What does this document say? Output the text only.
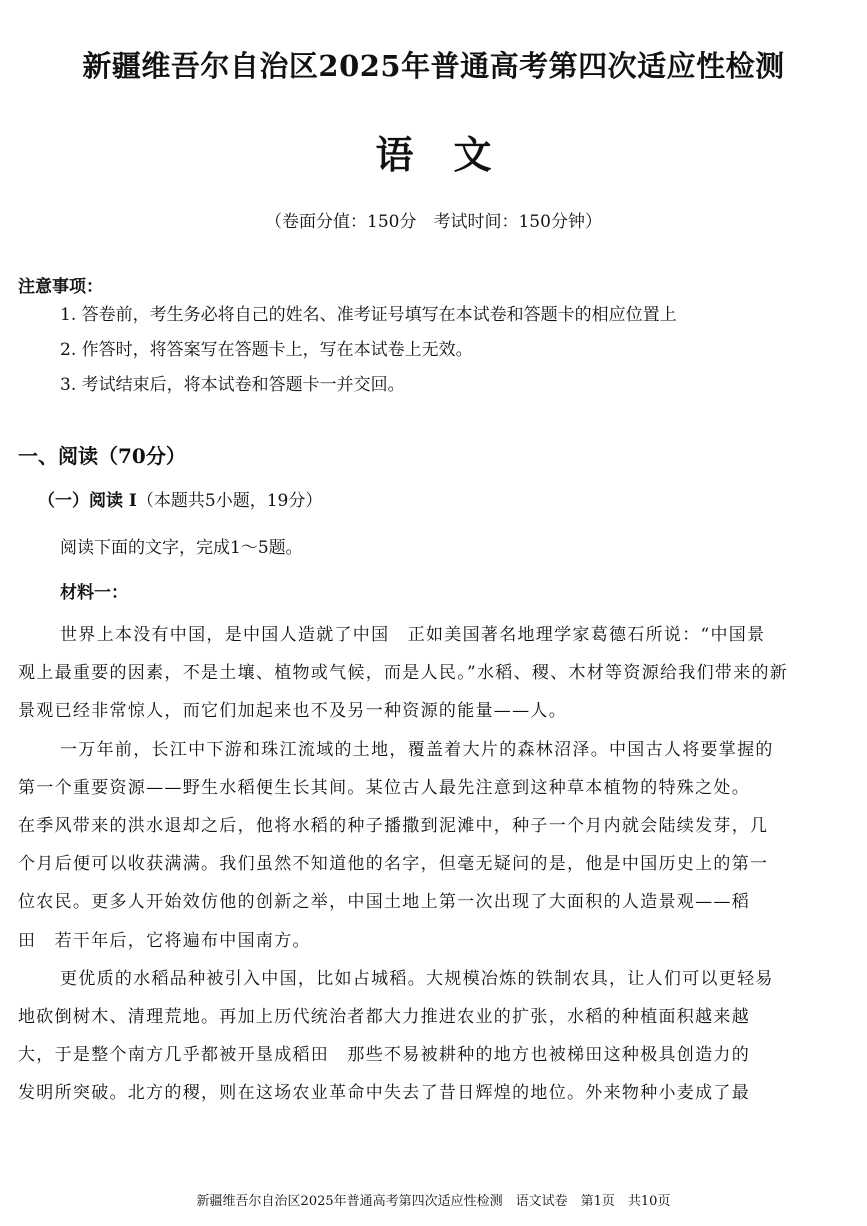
新疆维吾尔自治区2025年普通高考第四次适应性检测
语文
（卷面分值：150分　考试时间：150分钟）
注意事项：
1. 答卷前，考生务必将自己的姓名、准考证号填写在本试卷和答题卡的相应位置上
2. 作答时，将答案写在答题卡上，写在本试卷上无效。
3. 考试结束后，将本试卷和答题卡一并交回。
一、阅读（70分）
（一）阅读 I（本题共5小题，19分）
阅读下面的文字，完成1～5题。
材料一：
世界上本没有中国，是中国人造就了中国　正如美国著名地理学家葛德石所说：“中国景
观上最重要的因素，不是土壤、植物或气候，而是人民。”水稻、稷、木材等资源给我们带来的新
景观已经非常惊人，而它们加起来也不及另一种资源的能量——人。
一万年前，长江中下游和珠江流域的土地，覆盖着大片的森林沼泽。中国古人将要掌握的
第一个重要资源——野生水稻便生长其间。某位古人最先注意到这种草本植物的特殊之处。
在季风带来的洪水退却之后，他将水稻的种子播撒到泥滩中，种子一个月内就会陆续发芽，几
个月后便可以收获满满。我们虽然不知道他的名字，但毫无疑问的是，他是中国历史上的第一
位农民。更多人开始效仿他的创新之举，中国土地上第一次出现了大面积的人造景观——稻
田　若干年后，它将遍布中国南方。
更优质的水稻品种被引入中国，比如占城稻。大规模冶炼的铁制农具，让人们可以更轻易
地砍倒树木、清理荒地。再加上历代统治者都大力推进农业的扩张，水稻的种植面积越来越
大，于是整个南方几乎都被开垦成稻田　那些不易被耕种的地方也被梯田这种极具创造力的
发明所突破。北方的稷，则在这场农业革命中失去了昔日辉煌的地位。外来物种小麦成了最
新疆维吾尔自治区2025年普通高考第四次适应性检测　语文试卷　第1页　共10页
